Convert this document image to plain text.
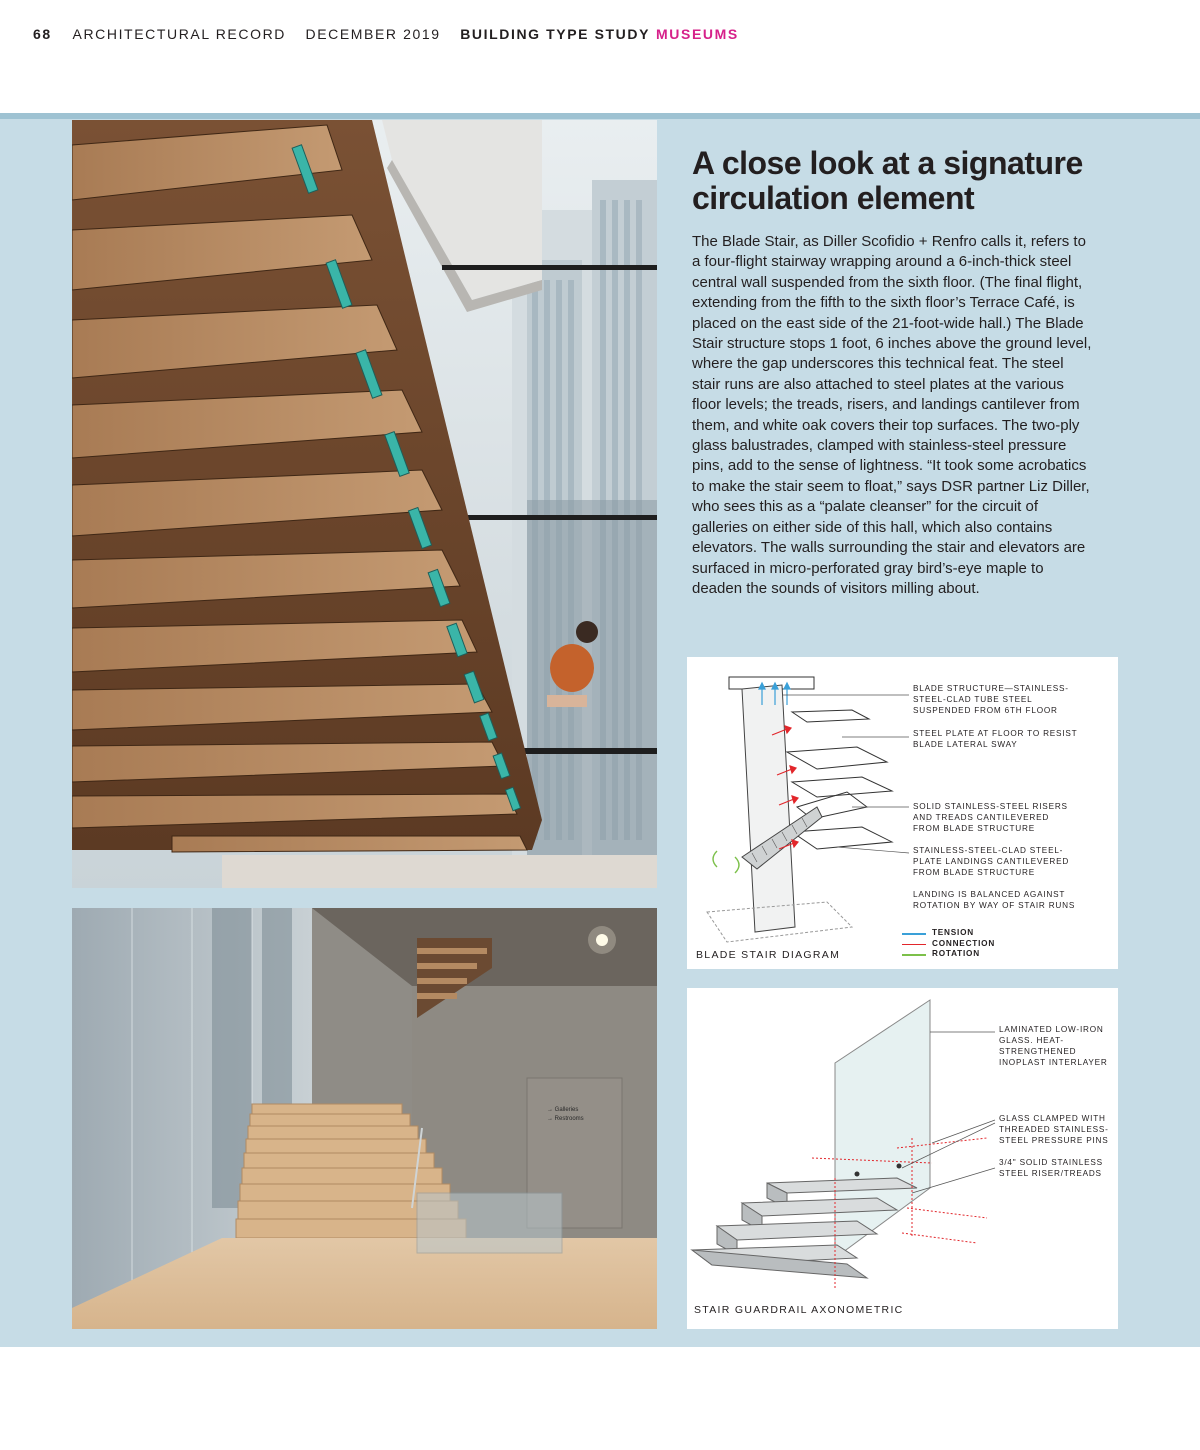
68 ARCHITECTURAL RECORD DECEMBER 2019 BUILDING TYPE STUDY MUSEUMS
→ Galleries
→ Restrooms
A close look at a signature circulation element

The Blade Stair, as Diller Scofidio + Renfro calls it, refers to a four-flight stairway wrapping around a 6-inch-thick steel central wall suspended from the sixth floor. (The final flight, extending from the fifth to the sixth floor’s Terrace Café, is placed on the east side of the 21-foot-wide hall.) The Blade Stair structure stops 1 foot, 6 inches above the ground level, where the gap underscores this technical feat. The steel stair runs are also attached to steel plates at the various floor levels; the treads, risers, and landings cantilever from them, and white oak covers their top surfaces. The two-ply glass balustrades, clamped with stainless-steel pressure pins, add to the sense of lightness. “It took some acrobatics to make the stair seem to float,” says DSR partner Liz Diller, who sees this as a “palate cleanser” for the circuit of galleries on either side of this hall, which also contains elevators. The walls surrounding the stair and elevators are surfaced in micro-perforated gray bird’s-eye maple to deaden the sounds of visitors milling about.

BLADE STRUCTURE—STAINLESS-STEEL-CLAD TUBE STEEL SUSPENDED FROM 6TH FLOOR
STEEL PLATE AT FLOOR TO RESIST BLADE LATERAL SWAY
SOLID STAINLESS-STEEL RISERS AND TREADS CANTILEVERED FROM BLADE STRUCTURE
STAINLESS-STEEL-CLAD STEEL-PLATE LANDINGS CANTILEVERED FROM BLADE STRUCTURE
LANDING IS BALANCED AGAINST ROTATION BY WAY OF STAIR RUNS
TENSION
CONNECTION
ROTATION
BLADE STAIR DIAGRAM
LAMINATED LOW-IRON GLASS. HEAT-STRENGTHENED INOPLAST INTERLAYER
GLASS CLAMPED WITH THREADED STAINLESS-STEEL PRESSURE PINS
3/4" SOLID STAINLESS STEEL RISER/TREADS
STAIR GUARDRAIL AXONOMETRIC
